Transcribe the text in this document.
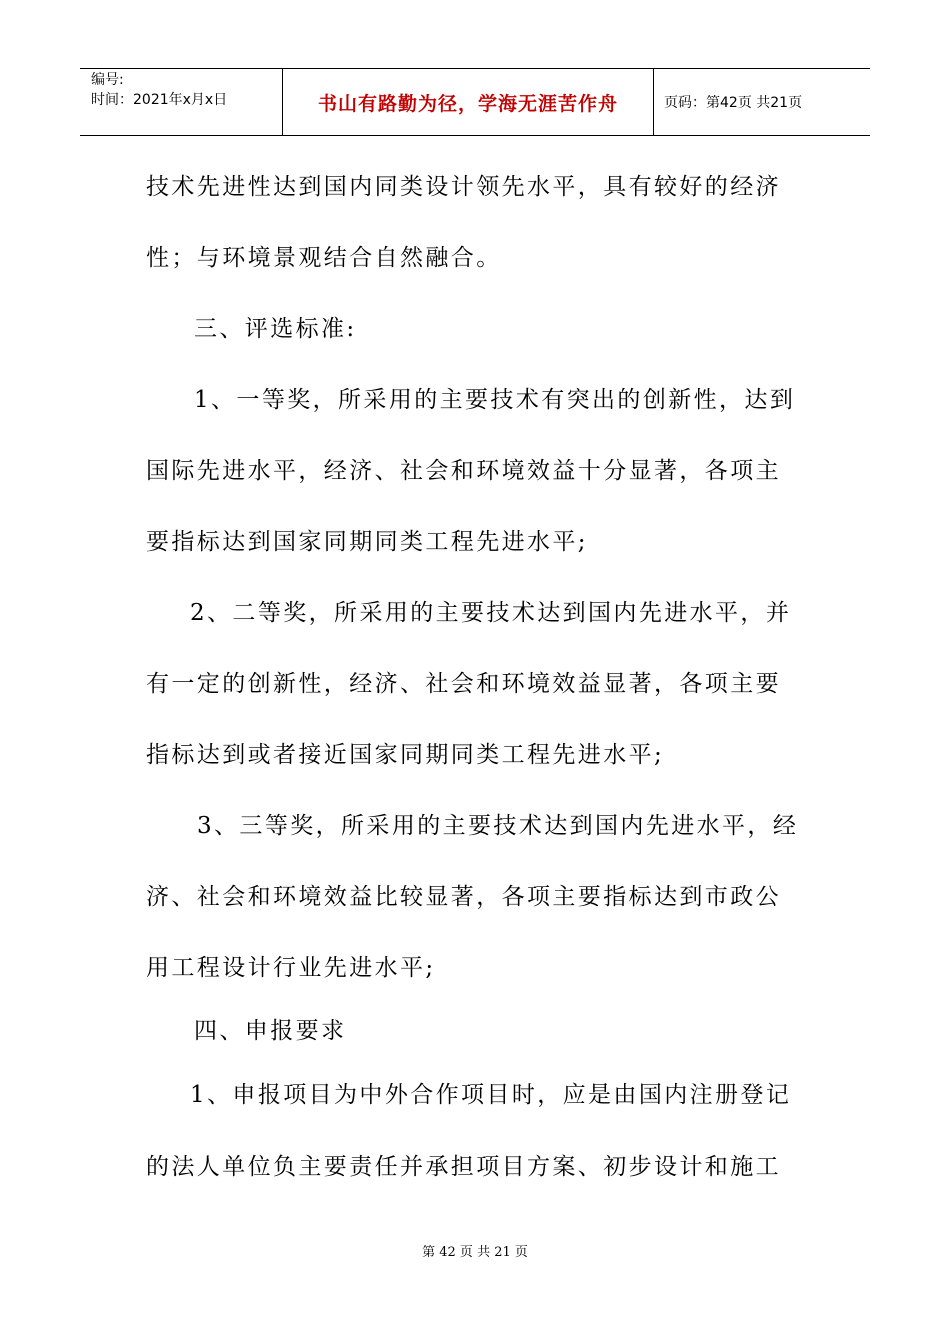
编号:
时间：2021年x月x日	书山有路勤为径，学海无涯苦作舟	页码：第42页 共21页
技术先进性达到国内同类设计领先水平，具有较好的经济
性；与环境景观结合自然融合。
三、评选标准:
1、一等奖，所采用的主要技术有突出的创新性，达到
国际先进水平，经济、社会和环境效益十分显著，各项主
要指标达到国家同期同类工程先进水平;
2、二等奖，所采用的主要技术达到国内先进水平，并
有一定的创新性，经济、社会和环境效益显著，各项主要
指标达到或者接近国家同期同类工程先进水平;
3、三等奖，所采用的主要技术达到国内先进水平，经
济、社会和环境效益比较显著，各项主要指标达到市政公
用工程设计行业先进水平;
四、申报要求
1、申报项目为中外合作项目时，应是由国内注册登记
的法人单位负主要责任并承担项目方案、初步设计和施工
第 42 页 共 21 页
